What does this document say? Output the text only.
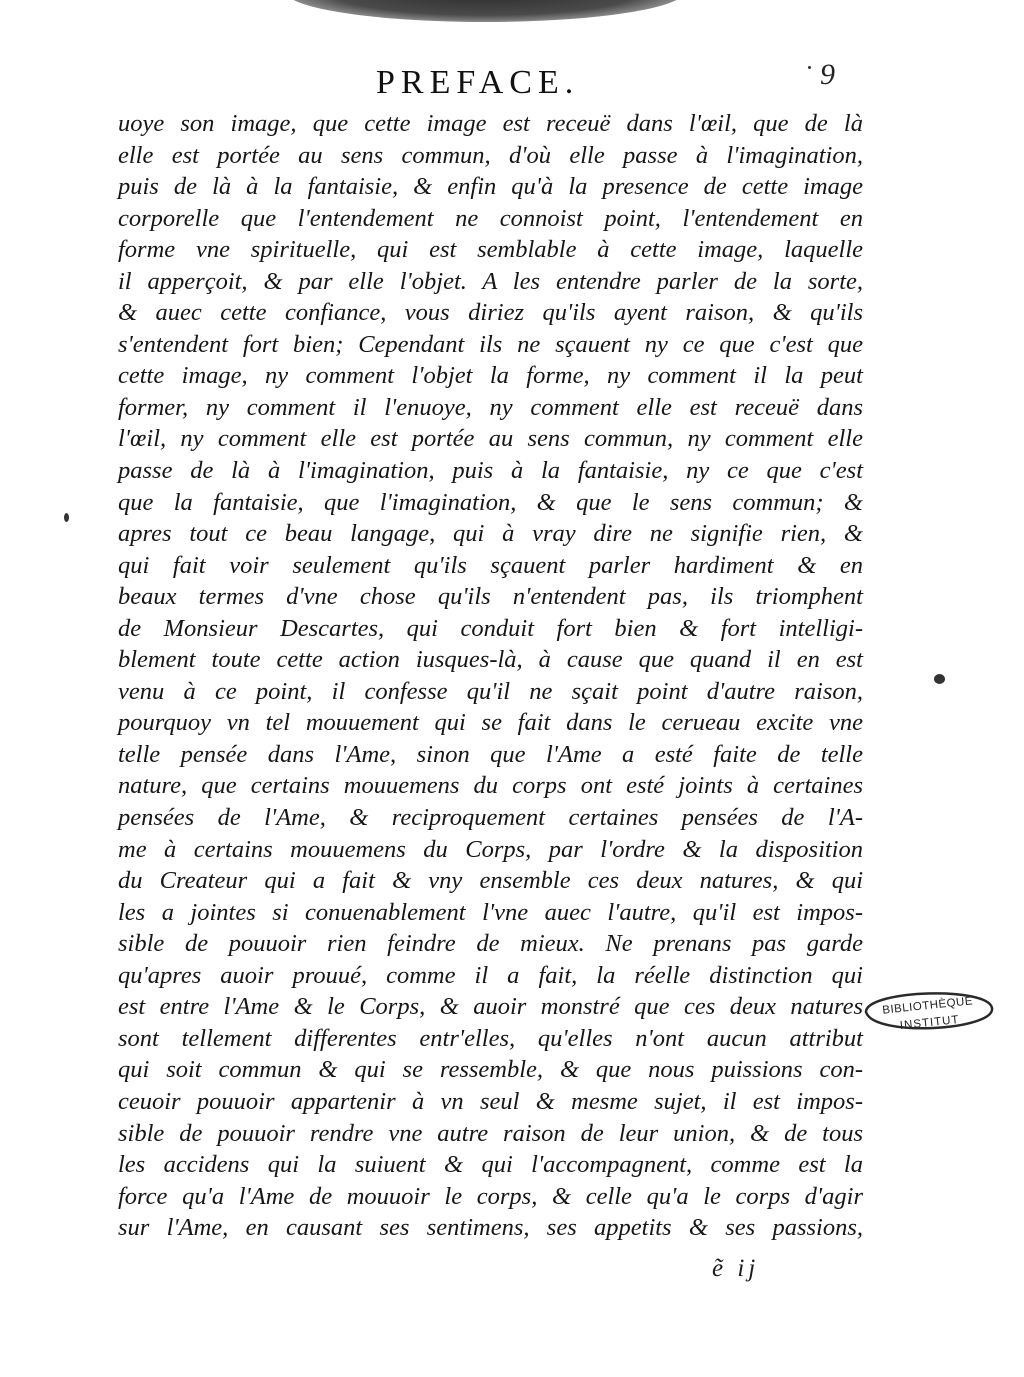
PREFACE.	9
uoye son image, que cette image est receuë dans l'œil, que de là
elle est portée au sens commun, d'où elle passe à l'imagination,
puis de là à la fantaisie, & enfin qu'à la presence de cette image
corporelle que l'entendement ne connoist point, l'entendement en
forme vne spirituelle, qui est semblable à cette image, laquelle
il apperçoit, & par elle l'objet. A les entendre parler de la sorte,
& auec cette confiance, vous diriez qu'ils ayent raison, & qu'ils
s'entendent fort bien; Cependant ils ne sçauent ny ce que c'est que
cette image, ny comment l'objet la forme, ny comment il la peut
former, ny comment il l'enuoye, ny comment elle est receuë dans
l'œil, ny comment elle est portée au sens commun, ny comment elle
passe de là à l'imagination, puis à la fantaisie, ny ce que c'est
que la fantaisie, que l'imagination, & que le sens commun; &
apres tout ce beau langage, qui à vray dire ne signifie rien, &
qui fait voir seulement qu'ils sçauent parler hardiment & en
beaux termes d'vne chose qu'ils n'entendent pas, ils triomphent
de Monsieur Descartes, qui conduit fort bien & fort intelligi-
blement toute cette action iusques-là, à cause que quand il en est
venu à ce point, il confesse qu'il ne sçait point d'autre raison,
pourquoy vn tel mouuement qui se fait dans le cerueau excite vne
telle pensée dans l'Ame, sinon que l'Ame a esté faite de telle
nature, que certains mouuemens du corps ont esté joints à certaines
pensées de l'Ame, & reciproquement certaines pensées de l'A-
me à certains mouuemens du Corps, par l'ordre & la disposition
du Createur qui a fait & vny ensemble ces deux natures, & qui
les a jointes si conuenablement l'vne auec l'autre, qu'il est impos-
sible de pouuoir rien feindre de mieux. Ne prenans pas garde
qu'apres auoir prouué, comme il a fait, la réelle distinction qui
est entre l'Ame & le Corps, & auoir monstré que ces deux natures
sont tellement differentes entr'elles, qu'elles n'ont aucun attribut
qui soit commun & qui se ressemble, & que nous puissions con-
ceuoir pouuoir appartenir à vn seul & mesme sujet, il est impos-
sible de pouuoir rendre vne autre raison de leur union, & de tous
les accidens qui la suiuent & qui l'accompagnent, comme est la
force qu'a l'Ame de mouuoir le corps, & celle qu'a le corps d'agir
sur l'Ame, en causant ses sentimens, ses appetits & ses passions,
ẽ ij
BIBLIOTHÈQUE
INSTITUT
